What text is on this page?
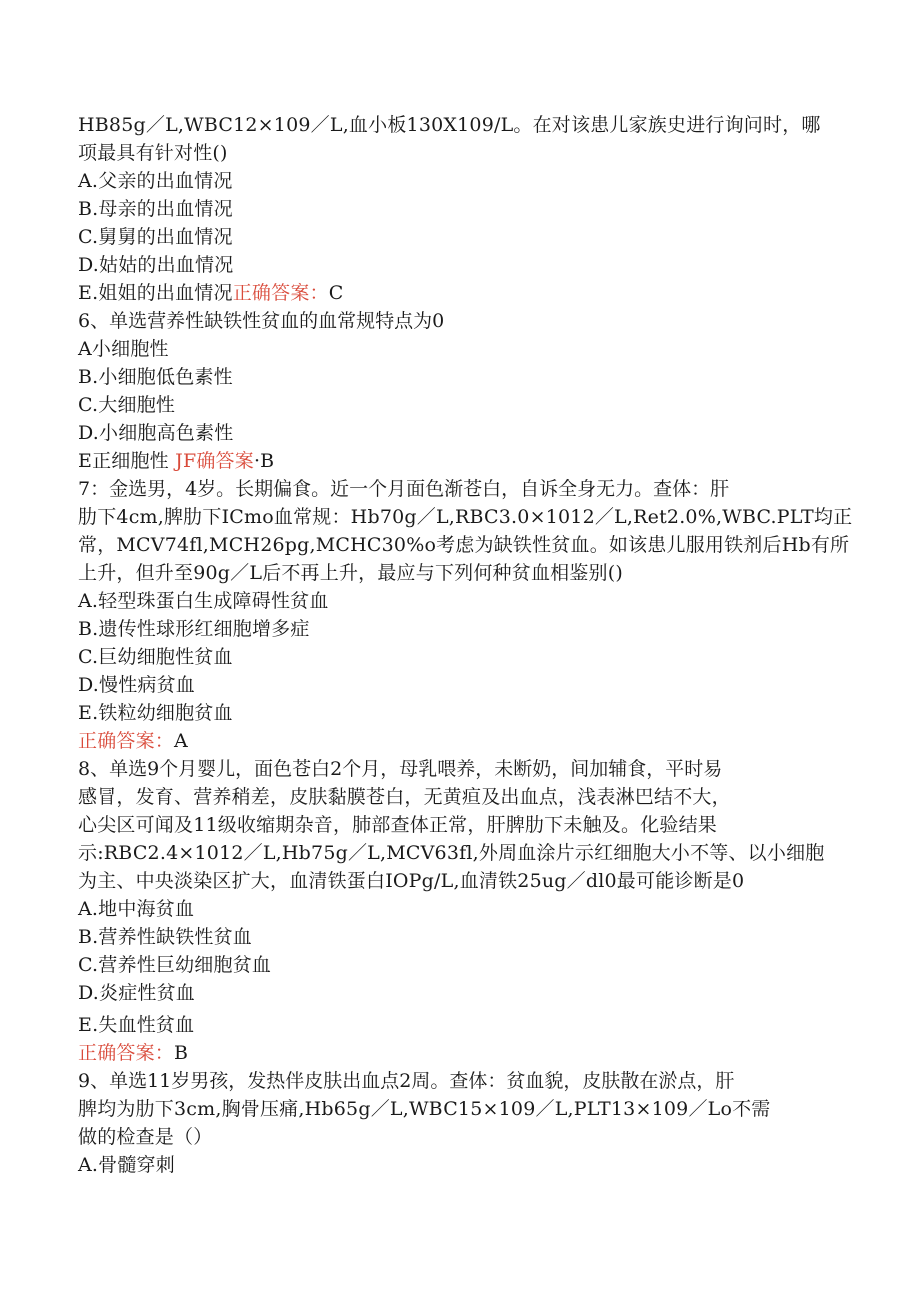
HB85g／L,WBC12×109／L,血小板130X109/L。在对该患儿家族史进行询问时，哪

项最具有针对性()

A.父亲的出血情况

B.母亲的出血情况

C.舅舅的出血情况

D.姑姑的出血情况

E.姐姐的出血情况正确答案：C

6、单选营养性缺铁性贫血的血常规特点为0

A小细胞性

B.小细胞低色素性

C.大细胞性

D.小细胞高色素性

E正细胞性 JF确答案·B

7：金选男，4岁。长期偏食。近一个月面色渐苍白，自诉全身无力。查体：肝

肋下4cm,脾肋下ICmo血常规：Hb70g／L,RBC3.0×1012／L,Ret2.0%,WBC.PLT均正

常，MCV74fl,MCH26pg,MCHC30%o考虑为缺铁性贫血。如该患儿服用铁剂后Hb有所

上升，但升至90g／L后不再上升，最应与下列何种贫血相鉴别()

A.轻型珠蛋白生成障碍性贫血

B.遗传性球形红细胞增多症

C.巨幼细胞性贫血

D.慢性病贫血

E.铁粒幼细胞贫血

正确答案：A

8、单选9个月婴儿，面色苍白2个月，母乳喂养，未断奶，间加辅食，平时易

感冒，发育、营养稍差，皮肤黏膜苍白，无黄疸及出血点，浅表淋巴结不大，

心尖区可闻及11级收缩期杂音，肺部查体正常，肝脾肋下未触及。化验结果

示:RBC2.4×1012／L,Hb75g／L,MCV63fl,外周血涂片示红细胞大小不等、以小细胞

为主、中央淡染区扩大，血清铁蛋白IOPg/L,血清铁25ug／dl0最可能诊断是0

A.地中海贫血

B.营养性缺铁性贫血

C.营养性巨幼细胞贫血

D.炎症性贫血

E.失血性贫血

正确答案：B

9、单选11岁男孩，发热伴皮肤出血点2周。查体：贫血貌，皮肤散在淤点，肝

脾均为肋下3cm,胸骨压痛,Hb65g／L,WBC15×109／L,PLT13×109／Lo不需

做的检查是（）

A.骨髓穿刺
